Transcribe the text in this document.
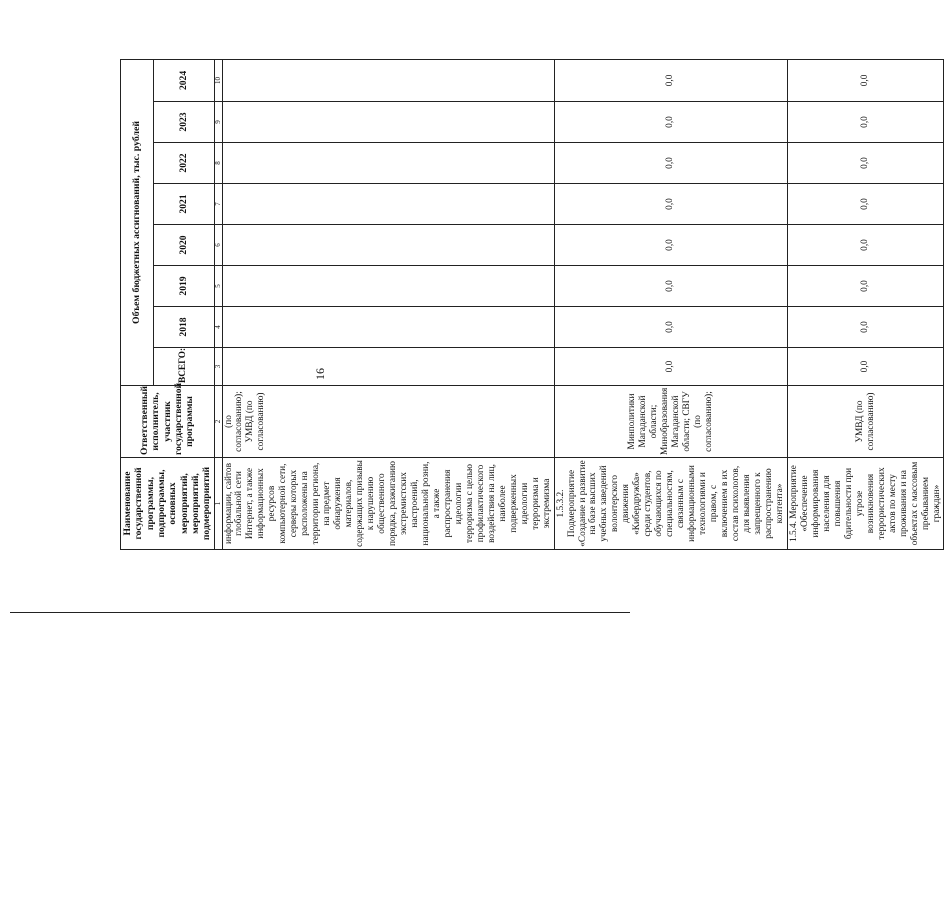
16
Наименование государственной программы, подпрограммы, основных мероприятий, мероприятий, подмероприятий	Ответственный исполнитель, участник государственной программы	Объем бюджетных ассигнований, тыс. рублей							
		ВСЕГО:	2018	2019	2020	2021	2022	2023	2024
1	2	3	4	5	6	7	8	9	10
информации, сайтов глобальной сети Интернет, а также информационных ресурсов компьютерной сети, серверы которых расположены на территории региона, на предмет обнаружения материалов, содержащих призывы к нарушению общественного порядка, разжиганию экстремистских настроений, национальной розни, а также распространения идеологии терроризма с целью профилактического воздействия на лиц, наиболее подверженных идеологии терроризма и экстремизма	(по согласованию); УМВД (по согласованию)								
1.5.3.2. Подмероприятие «Создание и развитие на базе высших учебных заведений волонтерского движения «Кибердружба» среди студентов, обучающихся по специальностям, связанным с информационными технологиями и правом, с включением в их состав психологов, для выявления запрещенного к распространению контента»	Минполитики Магаданской области; Минобразования Магаданской области; СВГУ (по согласованию);	0,0	0,0	0,0	0,0	0,0	0,0	0,0	0,0
1.5.4. Мероприятие «Обеспечение информирования населения для повышения бдительности при угрозе возникновения террористических актов по месту проживания и на объектах с массовым пребыванием граждан»	УМВД (по согласованию)	0,0	0,0	0,0	0,0	0,0	0,0	0,0	0,0
